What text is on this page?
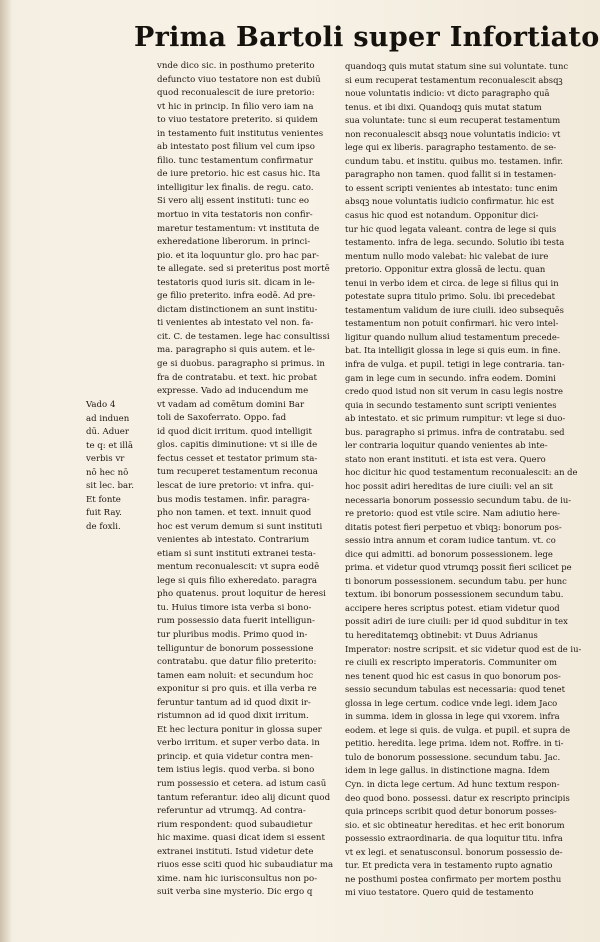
Prima Bartoli super Infortiato
Vado 4
ad induen
dū. Aduer
te q: et illā
verbis vr
nō hec nō
sit lec. bar.
Et fonte
fuit Ray.
de foxli.
vnde dico sic. in posthumo preterito
defuncto viuo testatore non est dubiū
quod reconualescit de iure pretorio:
vt hic in princip. In filio vero iam na
to viuo testatore preterito. si quidem
in testamento fuit institutus venientes
ab intestato post filium vel cum ipso
filio. tunc testamentum confirmatur
de iure pretorio. hic est casus hic. Ita
intelligitur lex finalis. de regu. cato.
Si vero alij essent instituti: tunc eo
mortuo in vita testatoris non confir-
maretur testamentum: vt instituta de
exheredatione liberorum. in princi-
pio. et ita loquuntur glo. pro hac par-
te allegate. sed si preteritus post mortē
testatoris quod iuris sit. dicam in le-
ge filio preterito. infra eodē. Ad pre-
dictam distinctionem an sunt institu-
ti venientes ab intestato vel non. fa-
cit. C. de testamen. lege hac consultissi
ma. paragrapho si quis autem. et le-
ge si duobus. paragrapho si primus. in
fra de contratabu. et text. hic probat
expresse. Vado ad inducendum me
vt vadam ad comētum domini Bar
toli de Saxoferrato. Oppo. fad
id quod dicit irritum. quod intelligit
glos. capitis diminutione: vt si ille de
fectus cesset et testator primum sta-
tum recuperet testamentum reconua
lescat de iure pretorio: vt infra. qui-
bus modis testamen. infir. paragra-
pho non tamen. et text. innuit quod
hoc est verum demum si sunt instituti
venientes ab intestato. Contrarium
etiam si sunt instituti extranei testa-
mentum reconualescit: vt supra eodē
lege si quis filio exheredato. paragra
pho quatenus. prout loquitur de heresi
tu. Huius timore ista verba si bono-
rum possessio data fuerit intelligun-
tur pluribus modis. Primo quod in-
telliguntur de bonorum possessione
contratabu. que datur filio preterito:
tamen eam noluit: et secundum hoc
exponitur si pro quis. et illa verba re
feruntur tantum ad id quod dixit ir-
ristumnon ad id quod dixit irritum.
Et hec lectura ponitur in glossa super
verbo irritum. et super verbo data. in
princip. et quia videtur contra men-
tem istius legis. quod verba. si bono
rum possessio et cetera. ad istum casū
tantum referantur. ideo alij dicunt quod
referuntur ad vtrumqꝫ. Ad contra-
rium respondent: quod subaudietur
hic maxime. quasi dicat idem si essent
extranei instituti. Istud videtur dete
riuos esse sciti quod hic subaudiatur ma
xime. nam hic iurisconsultus non po-
suit verba sine mysterio. Dic ergo q
quandoqꝫ quis mutat statum sine sui voluntate. tunc
si eum recuperat testamentum reconualescit absqꝫ
noue voluntatis indicio: vt dicto paragrapho quā
tenus. et ibi dixi. Quandoqꝫ quis mutat statum
sua voluntate: tunc si eum recuperat testamentum
non reconualescit absqꝫ noue voluntatis indicio: vt
lege qui ex liberis. paragrapho testamento. de se-
cundum tabu. et institu. quibus mo. testamen. infir.
paragrapho non tamen. quod fallit si in testamen-
to essent scripti venientes ab intestato: tunc enim
absqꝫ noue voluntatis iudicio confirmatur. hic est
casus hic quod est notandum. Opponitur dici-
tur hic quod legata valeant. contra de lege si quis
testamento. infra de lega. secundo. Solutio ibi testa
mentum nullo modo valebat: hic valebat de iure
pretorio. Opponitur extra glossā de lectu. quan
tenui in verbo idem et circa. de lege si filius qui in
potestate supra titulo primo. Solu. ibi precedebat
testamentum validum de iure ciuili. ideo subsequēs
testamentum non potuit confirmari. hic vero intel-
ligitur quando nullum aliud testamentum precede-
bat. Ita intelligit glossa in lege si quis eum. in fine.
infra de vulga. et pupil. tetigi in lege contraria. tan-
gam in lege cum in secundo. infra eodem. Domini
credo quod istud non sit verum in casu legis nostre
quia in secundo testamento sunt scripti venientes
ab intestato. et sic primum rumpitur: vt lege si duo-
bus. paragrapho si primus. infra de contratabu. sed
ler contraria loquitur quando venientes ab inte-
stato non erant instituti. et ista est vera. Quero
hoc dicitur hic quod testamentum reconualescit: an de
hoc possit adiri hereditas de iure ciuili: vel an sit
necessaria bonorum possessio secundum tabu. de iu-
re pretorio: quod est vtile scire. Nam adiutio here-
ditatis potest fieri perpetuo et vbiqꝫ: bonorum pos-
sessio intra annum et coram iudice tantum. vt. co
dice qui admitti. ad bonorum possessionem. lege
prima. et videtur quod vtrumqꝫ possit fieri scilicet pe
ti bonorum possessionem. secundum tabu. per hunc
textum. ibi bonorum possessionem secundum tabu.
accipere heres scriptus potest. etiam videtur quod
possit adiri de iure ciuili: per id quod subditur in tex
tu hereditatemqꝫ obtinebit: vt Duus Adrianus
Imperator: nostre scripsit. et sic videtur quod est de iu-
re ciuili ex rescripto imperatoris. Communiter om
nes tenent quod hic est casus in quo bonorum pos-
sessio secundum tabulas est necessaria: quod tenet
glossa in lege certum. codice vnde legi. idem Jaco
in summa. idem in glossa in lege qui vxorem. infra
eodem. et lege si quis. de vulga. et pupil. et supra de
petitio. heredita. lege prima. idem not. Roffre. in ti-
tulo de bonorum possessione. secundum tabu. Jac.
idem in lege gallus. in distinctione magna. Idem
Cyn. in dicta lege certum. Ad hunc textum respon-
deo quod bono. possessi. datur ex rescripto principis
quia princeps scribit quod detur bonorum posses-
sio. et sic obtineatur hereditas. et hec erit bonorum
possessio extraordinaria. de qua loquitur titu. infra
vt ex legi. et senatusconsul. bonorum possessio de-
tur. Et predicta vera in testamento rupto agnatio
ne posthumi postea confirmato per mortem posthu
mi viuo testatore. Quero quid de testamento
